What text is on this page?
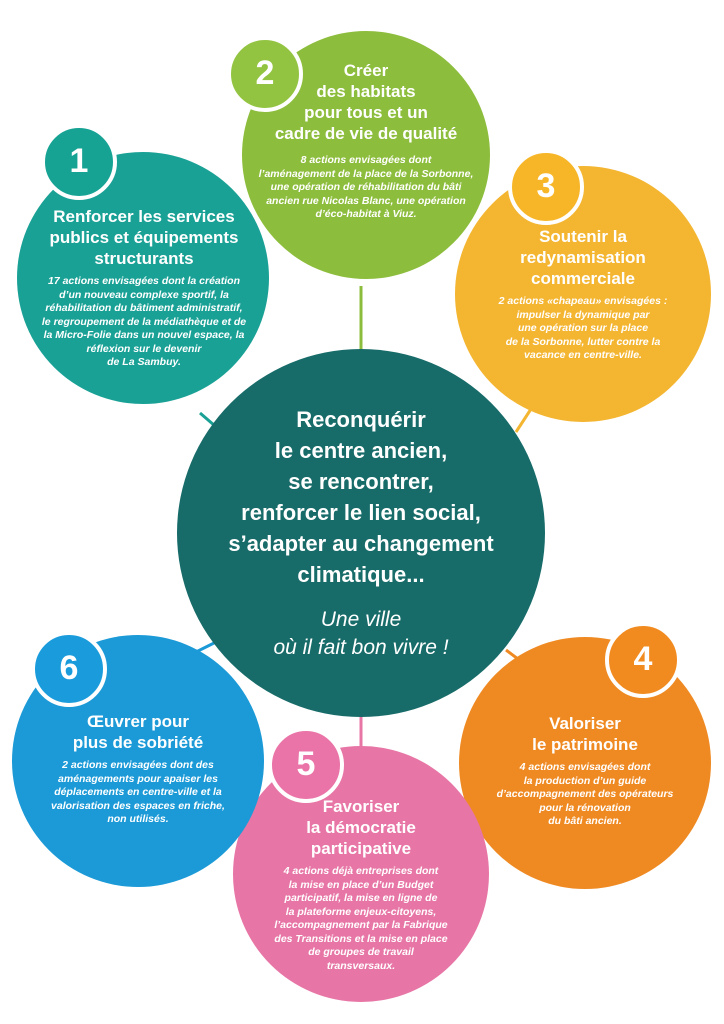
1
2
3
4
5
6
Renforcer les services
publics et équipements
structurants
17 actions envisagées dont la création
d’un nouveau complexe sportif, la
réhabilitation du bâtiment administratif,
le regroupement de la médiathèque et de
la Micro-Folie dans un nouvel espace, la
réflexion sur le devenir
de La Sambuy.
Créer
des habitats
pour tous et un
cadre de vie de qualité
8 actions envisagées dont
l’aménagement de la place de la Sorbonne,
une opération de réhabilitation du bâti
ancien rue Nicolas Blanc, une opération
d’éco-habitat à Viuz.
Soutenir la
redynamisation
commerciale
2 actions «chapeau» envisagées :
impulser la dynamique par
une opération sur la place
de la Sorbonne, lutter contre la
vacance en centre-ville.
Reconquérir
le centre ancien,
se rencontrer,
renforcer le lien social,
s’adapter au changement
climatique...
Une ville
où il fait bon vivre !
Œuvrer pour
plus de sobriété
2 actions envisagées dont des
aménagements pour apaiser les
déplacements en centre-ville et la
valorisation des espaces en friche,
non utilisés.
Valoriser
le patrimoine
4 actions envisagées dont
la production d’un guide
d’accompagnement des opérateurs
pour la rénovation
du bâti ancien.
Favoriser
la démocratie
participative
4 actions déjà entreprises dont
la mise en place d’un Budget
participatif, la mise en ligne de
la plateforme enjeux-citoyens,
l’accompagnement par la Fabrique
des Transitions et la mise en place
de groupes de travail
transversaux.
